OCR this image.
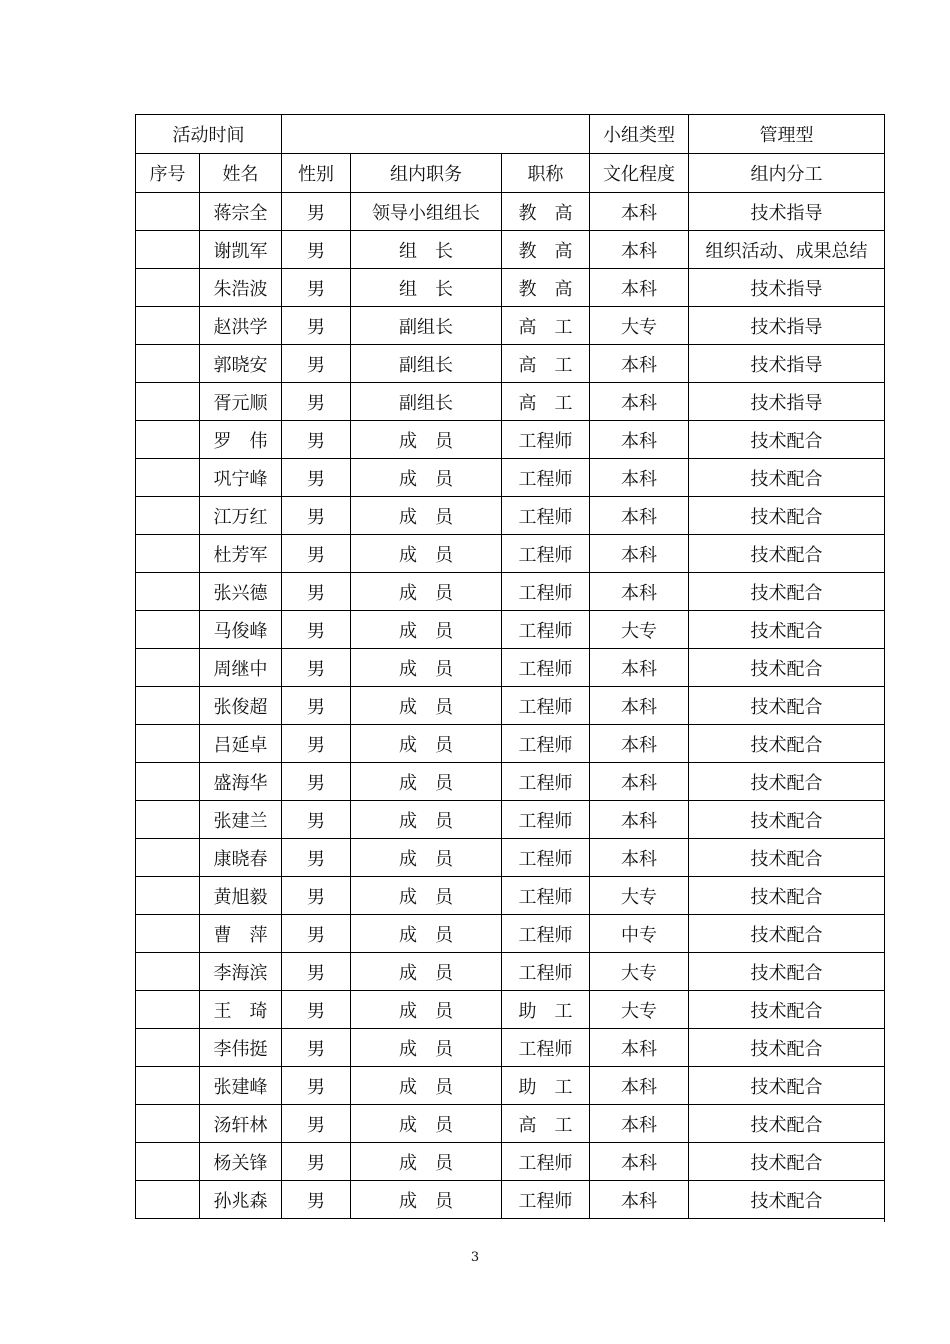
活动时间					小组类型	管理型
序号	姓名	性别	组内职务	职称	文化程度	组内分工
	蒋宗全	男	领导小组组长	教　高	本科	技术指导
	谢凯军	男	组　长	教　高	本科	组织活动、成果总结
	朱浩波	男	组　长	教　高	本科	技术指导
	赵洪学	男	副组长	高　工	大专	技术指导
	郭晓安	男	副组长	高　工	本科	技术指导
	胥元顺	男	副组长	高　工	本科	技术指导
	罗　伟	男	成　员	工程师	本科	技术配合
	巩宁峰	男	成　员	工程师	本科	技术配合
	江万红	男	成　员	工程师	本科	技术配合
	杜芳军	男	成　员	工程师	本科	技术配合
	张兴德	男	成　员	工程师	本科	技术配合
	马俊峰	男	成　员	工程师	大专	技术配合
	周继中	男	成　员	工程师	本科	技术配合
	张俊超	男	成　员	工程师	本科	技术配合
	吕延卓	男	成　员	工程师	本科	技术配合
	盛海华	男	成　员	工程师	本科	技术配合
	张建兰	男	成　员	工程师	本科	技术配合
	康晓春	男	成　员	工程师	本科	技术配合
	黄旭毅	男	成　员	工程师	大专	技术配合
	曹　萍	男	成　员	工程师	中专	技术配合
	李海滨	男	成　员	工程师	大专	技术配合
	王　琦	男	成　员	助　工	大专	技术配合
	李伟挺	男	成　员	工程师	本科	技术配合
	张建峰	男	成　员	助　工	本科	技术配合
	汤轩林	男	成　员	高　工	本科	技术配合
	杨关锋	男	成　员	工程师	本科	技术配合
	孙兆森	男	成　员	工程师	本科	技术配合
3
